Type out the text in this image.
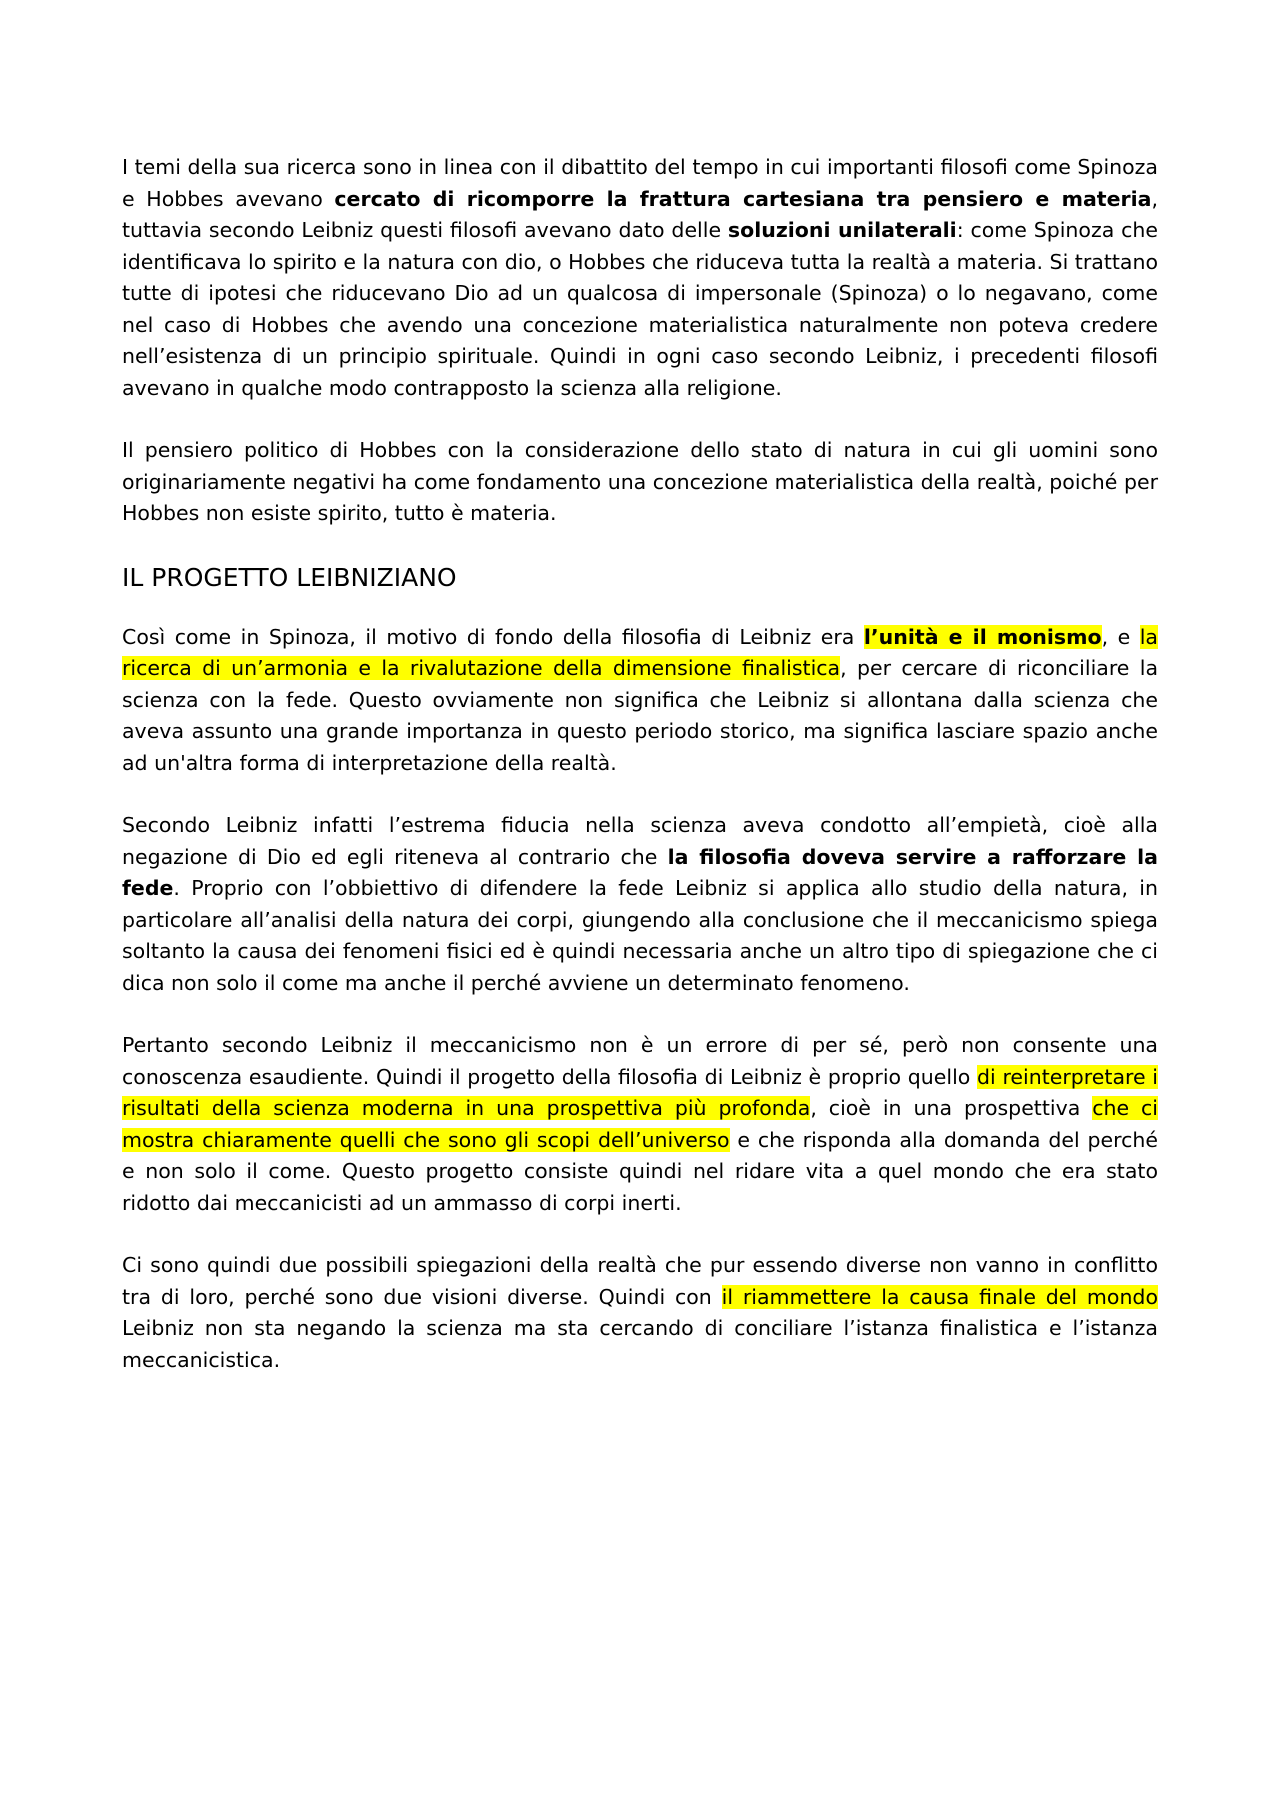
I temi della sua ricerca sono in linea con il dibattito del tempo in cui importanti filosofi come Spinoza e Hobbes avevano cercato di ricomporre la frattura cartesiana tra pensiero e materia, tuttavia secondo Leibniz questi filosofi avevano dato delle soluzioni unilaterali: come Spinoza che identificava lo spirito e la natura con dio, o Hobbes che riduceva tutta la realtà a materia. Si trattano tutte di ipotesi che riducevano Dio ad un qualcosa di impersonale (Spinoza) o lo negavano, come nel caso di Hobbes che avendo una concezione materialistica naturalmente non poteva credere nell’esistenza di un principio spirituale. Quindi in ogni caso secondo Leibniz, i precedenti filosofi avevano in qualche modo contrapposto la scienza alla religione.

Il pensiero politico di Hobbes con la considerazione dello stato di natura in cui gli uomini sono originariamente negativi ha come fondamento una concezione materialistica della realtà, poiché per Hobbes non esiste spirito, tutto è materia.

IL PROGETTO LEIBNIZIANO

Così come in Spinoza, il motivo di fondo della filosofia di Leibniz era l’unità e il monismo, e la ricerca di un’armonia e la rivalutazione della dimensione finalistica, per cercare di riconciliare la scienza con la fede. Questo ovviamente non significa che Leibniz si allontana dalla scienza che aveva assunto una grande importanza in questo periodo storico, ma significa lasciare spazio anche ad un'altra forma di interpretazione della realtà.

Secondo Leibniz infatti l’estrema fiducia nella scienza aveva condotto all’empietà, cioè alla negazione di Dio ed egli riteneva al contrario che la filosofia doveva servire a rafforzare la fede. Proprio con l’obbiettivo di difendere la fede Leibniz si applica allo studio della natura, in particolare all’analisi della natura dei corpi, giungendo alla conclusione che il meccanicismo spiega soltanto la causa dei fenomeni fisici ed è quindi necessaria anche un altro tipo di spiegazione che ci dica non solo il come ma anche il perché avviene un determinato fenomeno.

Pertanto secondo Leibniz il meccanicismo non è un errore di per sé, però non consente una conoscenza esaudiente. Quindi il progetto della filosofia di Leibniz è proprio quello di reinterpretare i risultati della scienza moderna in una prospettiva più profonda, cioè in una prospettiva che ci mostra chiaramente quelli che sono gli scopi dell’universo e che risponda alla domanda del perché e non solo il come. Questo progetto consiste quindi nel ridare vita a quel mondo che era stato ridotto dai meccanicisti ad un ammasso di corpi inerti.

Ci sono quindi due possibili spiegazioni della realtà che pur essendo diverse non vanno in conflitto tra di loro, perché sono due visioni diverse. Quindi con il riammettere la causa finale del mondo Leibniz non sta negando la scienza ma sta cercando di conciliare l’istanza finalistica e l’istanza meccanicistica.
